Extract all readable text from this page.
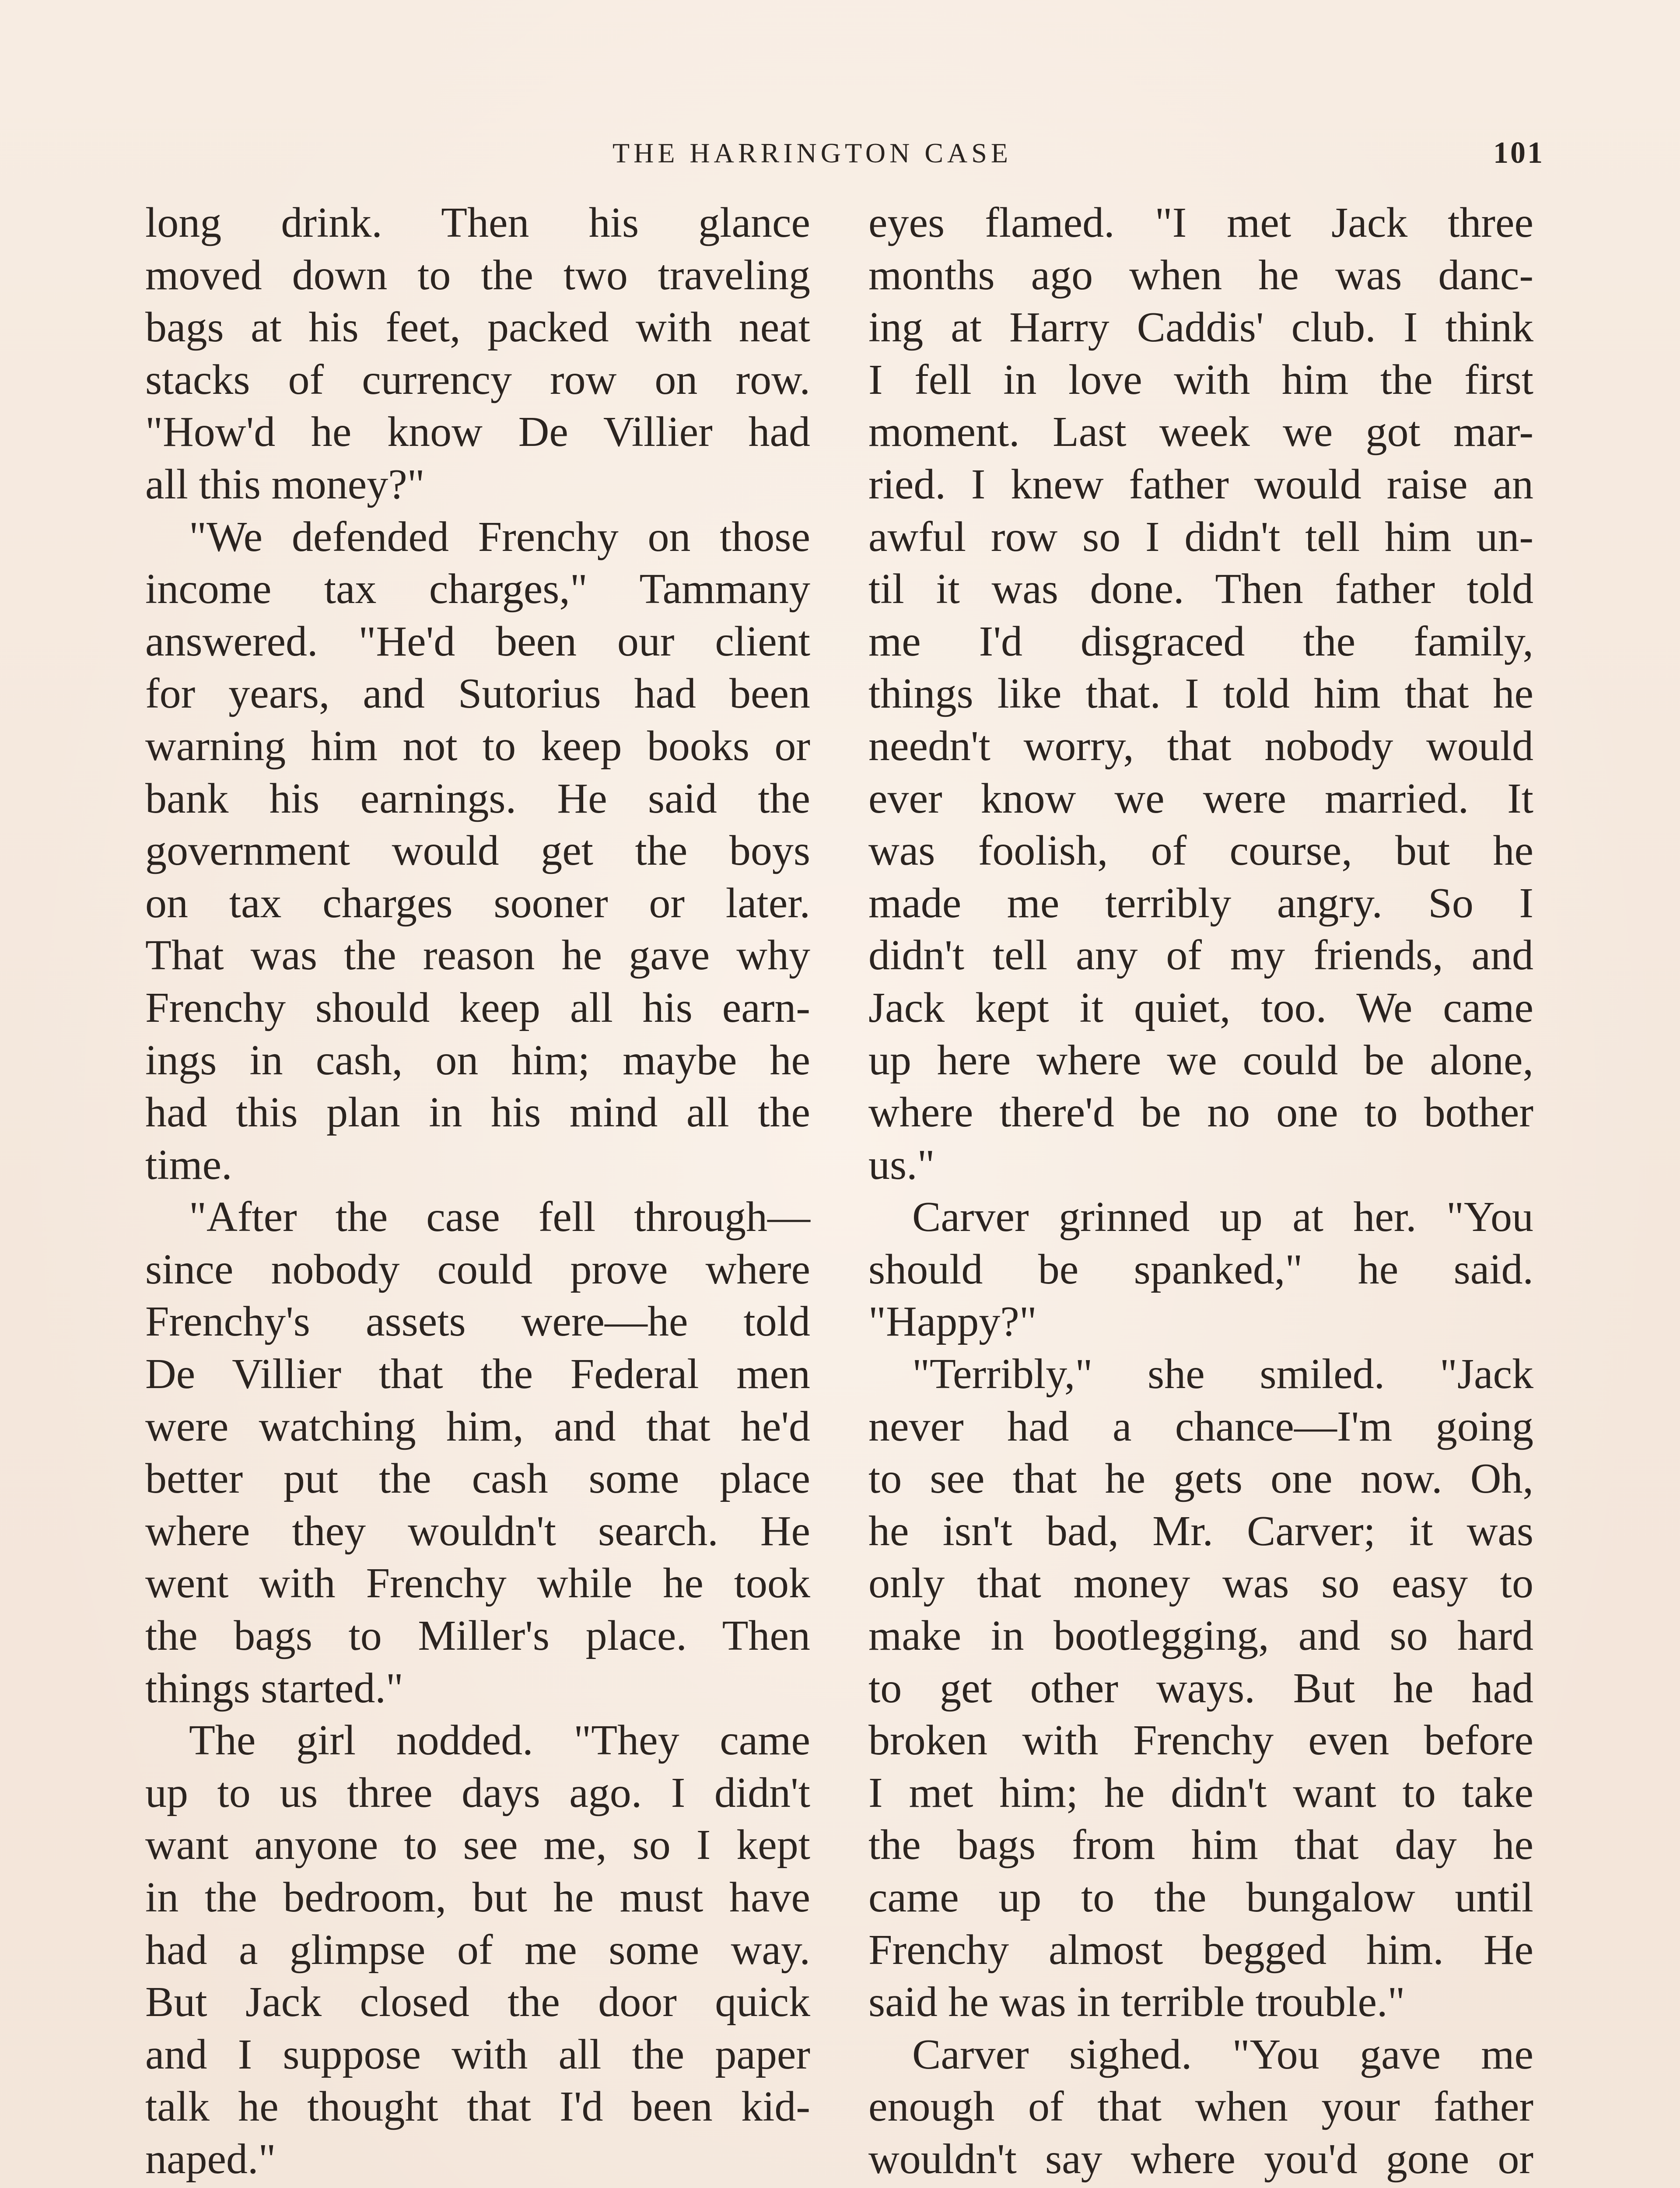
THE HARRINGTON CASE	101
long drink. Then his glance
moved down to the two traveling
bags at his feet, packed with neat
stacks of currency row on row.
"How'd he know De Villier had
all this money?"
"We defended Frenchy on those
income tax charges," Tammany
answered. "He'd been our client
for years, and Sutorius had been
warning him not to keep books or
bank his earnings. He said the
government would get the boys
on tax charges sooner or later.
That was the reason he gave why
Frenchy should keep all his earn-
ings in cash, on him; maybe he
had this plan in his mind all the
time.
"After the case fell through—
since nobody could prove where
Frenchy's assets were—he told
De Villier that the Federal men
were watching him, and that he'd
better put the cash some place
where they wouldn't search. He
went with Frenchy while he took
the bags to Miller's place. Then
things started."
The girl nodded. "They came
up to us three days ago. I didn't
want anyone to see me, so I kept
in the bedroom, but he must have
had a glimpse of me some way.
But Jack closed the door quick
and I suppose with all the paper
talk he thought that I'd been kid-
naped."
eyes flamed. "I met Jack three
months ago when he was danc-
ing at Harry Caddis' club. I think
I fell in love with him the first
moment. Last week we got mar-
ried. I knew father would raise an
awful row so I didn't tell him un-
til it was done. Then father told
me I'd disgraced the family,
things like that. I told him that he
needn't worry, that nobody would
ever know we were married. It
was foolish, of course, but he
made me terribly angry. So I
didn't tell any of my friends, and
Jack kept it quiet, too. We came
up here where we could be alone,
where there'd be no one to bother
us."
Carver grinned up at her. "You
should be spanked," he said.
"Happy?"
"Terribly," she smiled. "Jack
never had a chance—I'm going
to see that he gets one now. Oh,
he isn't bad, Mr. Carver; it was
only that money was so easy to
make in bootlegging, and so hard
to get other ways. But he had
broken with Frenchy even before
I met him; he didn't want to take
the bags from him that day he
came up to the bungalow until
Frenchy almost begged him. He
said he was in terrible trouble."
Carver sighed. "You gave me
enough of that when your father
wouldn't say where you'd gone or
